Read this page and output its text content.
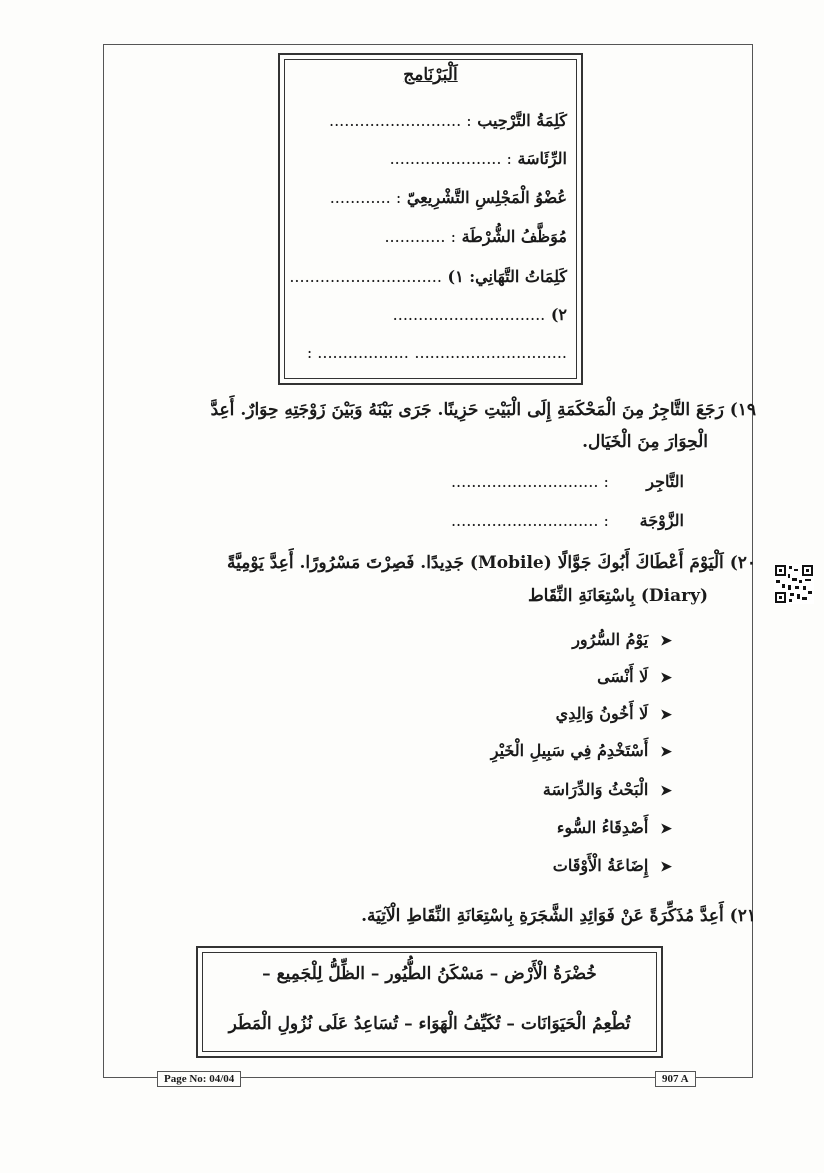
اَلْبَرْنَامج
كَلِمَةُ التَّرْحِيب : ..........................
الرِّئَاسَة : ......................
عُضْوُ الْمَجْلِسِ التَّشْرِيعِيّ : ............
مُوَظَّفُ الشُّرْطَة : ............
كَلِمَاتُ التَّهَانِي: ١) ..............................
٢) ..............................
.............................. .................. :
١٩) رَجَعَ التَّاجِرُ مِنَ الْمَحْكَمَةِ إِلَى الْبَيْتِ حَزِينًا. جَرَى بَيْنَهُ وَبَيْنَ زَوْجَتِهِ حِوَارٌ. أَعِدَّ
الْحِوَارَ مِنَ الْخَيَال.
التَّاجِر : .............................
الزَّوْجَة : .............................
٢٠) اَلْيَوْمَ أَعْطَاكَ أَبُوكَ جَوَّالًا (Mobile) جَدِيدًا. فَصِرْتَ مَسْرُورًا. أَعِدَّ يَوْمِيَّةً
(Diary) بِاسْتِعَانَةِ النِّقَاط
➤يَوْمُ السُّرُور
➤لَا أَنْسَى
➤لَا أَخُونُ وَالِدِي
➤أَسْتَخْدِمُ فِي سَبِيلِ الْخَيْرِ
➤الْبَحْثُ وَالدِّرَاسَة
➤أَصْدِقَاءُ السُّوء
➤إِضَاعَةُ الْأَوْقَات
٢١) أَعِدَّ مُذَكِّرَةً عَنْ فَوَائِدِ الشَّجَرَةِ بِاسْتِعَانَةِ النِّقَاطِ الْآتِيَة.
خُضْرَةُ الْأَرْض – مَسْكَنُ الطُّيُور – الظِّلُّ لِلْجَمِيع –
تُطْعِمُ الْحَيَوَانَات – تُكَيِّفُ الْهَوَاء – تُسَاعِدُ عَلَى نُزُولِ الْمَطَر
Page No: 04/04	907 A
